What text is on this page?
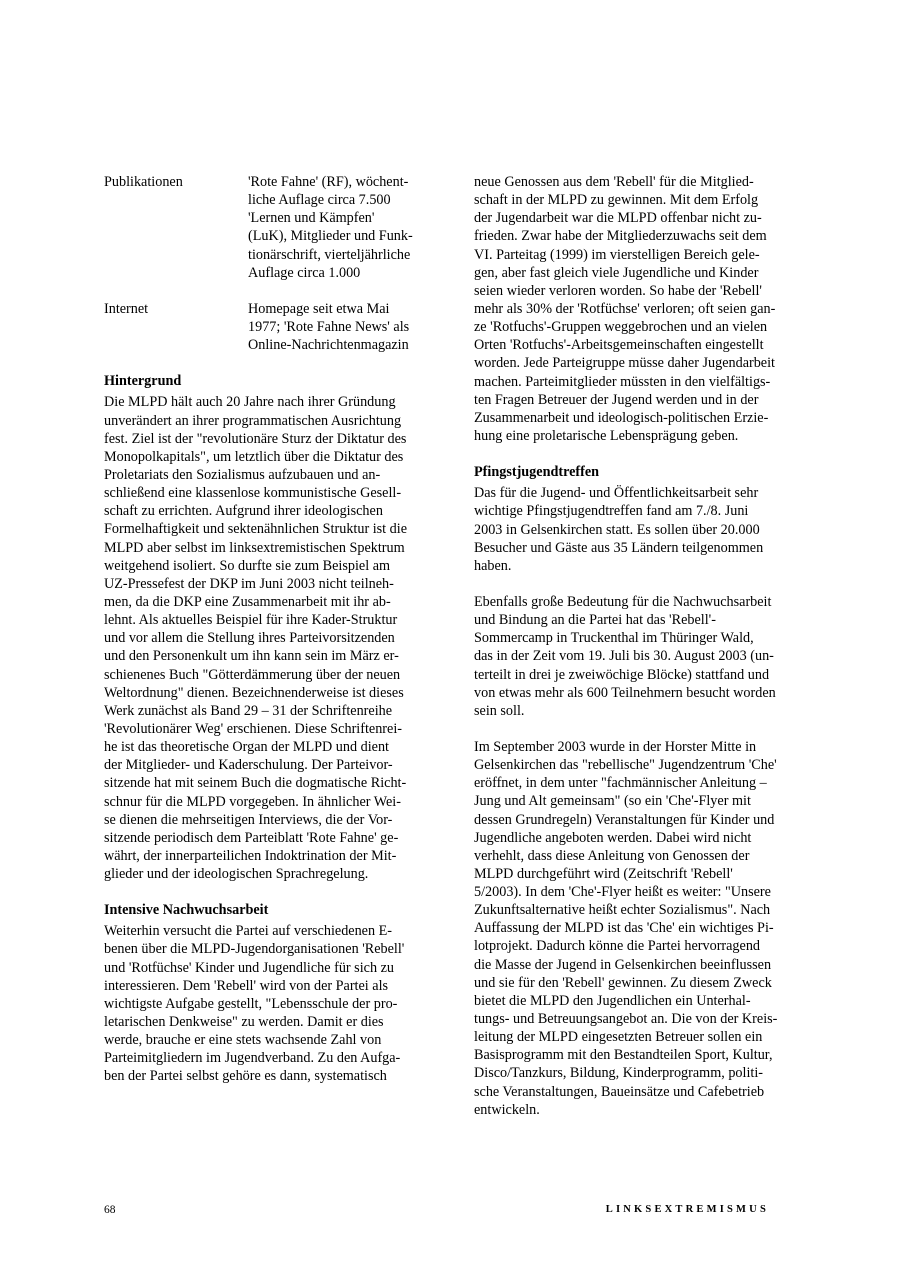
Publikationen	'Rote Fahne' (RF), wöchent-
liche Auflage circa 7.500
'Lernen und Kämpfen'
(LuK), Mitglieder und Funk-
tionärschrift, vierteljährliche
Auflage circa 1.000
Internet	Homepage seit etwa Mai
1977; 'Rote Fahne News' als
Online-Nachrichtenmagazin
Hintergrund
Die MLPD hält auch 20 Jahre nach ihrer Gründung
unverändert an ihrer programmatischen Ausrichtung
fest. Ziel ist der "revolutionäre Sturz der Diktatur des
Monopolkapitals", um letztlich über die Diktatur des
Proletariats den Sozialismus aufzubauen und an-
schließend eine klassenlose kommunistische Gesell-
schaft zu errichten. Aufgrund ihrer ideologischen
Formelhaftigkeit und sektenähnlichen Struktur ist die
MLPD aber selbst im linksextremistischen Spektrum
weitgehend isoliert. So durfte sie zum Beispiel am
UZ-Pressefest der DKP im Juni 2003 nicht teilneh-
men, da die DKP eine Zusammenarbeit mit ihr ab-
lehnt. Als aktuelles Beispiel für ihre Kader-Struktur
und vor allem die Stellung ihres Parteivorsitzenden
und den Personenkult um ihn kann sein im März er-
schienenes Buch "Götterdämmerung über der neuen
Weltordnung" dienen. Bezeichnenderweise ist dieses
Werk zunächst als Band 29 – 31 der Schriftenreihe
'Revolutionärer Weg' erschienen. Diese Schriftenrei-
he ist das theoretische Organ der MLPD und dient
der Mitglieder- und Kaderschulung. Der Parteivor-
sitzende hat mit seinem Buch die dogmatische Richt-
schnur für die MLPD vorgegeben. In ähnlicher Wei-
se dienen die mehrseitigen Interviews, die der Vor-
sitzende periodisch dem Parteiblatt 'Rote Fahne' ge-
währt, der innerparteilichen Indoktrination der Mit-
glieder und der ideologischen Sprachregelung.
Intensive Nachwuchsarbeit
Weiterhin versucht die Partei auf verschiedenen E-
benen über die MLPD-Jugendorganisationen 'Rebell'
und 'Rotfüchse' Kinder und Jugendliche für sich zu
interessieren. Dem 'Rebell' wird von der Partei als
wichtigste Aufgabe gestellt, "Lebensschule der pro-
letarischen Denkweise" zu werden. Damit er dies
werde, brauche er eine stets wachsende Zahl von
Parteimitgliedern im Jugendverband. Zu den Aufga-
ben der Partei selbst gehöre es dann, systematisch
neue Genossen aus dem 'Rebell' für die Mitglied-
schaft in der MLPD zu gewinnen. Mit dem Erfolg
der Jugendarbeit war die MLPD offenbar nicht zu-
frieden. Zwar habe der Mitgliederzuwachs seit dem
VI. Parteitag (1999) im vierstelligen Bereich gele-
gen, aber fast gleich viele Jugendliche und Kinder
seien wieder verloren worden. So habe der 'Rebell'
mehr als 30% der 'Rotfüchse' verloren; oft seien gan-
ze 'Rotfuchs'-Gruppen weggebrochen und an vielen
Orten 'Rotfuchs'-Arbeitsgemeinschaften eingestellt
worden. Jede Parteigruppe müsse daher Jugendarbeit
machen. Parteimitglieder müssten in den vielfältigs-
ten Fragen Betreuer der Jugend werden und in der
Zusammenarbeit und ideologisch-politischen Erzie-
hung eine proletarische Lebensprägung geben.
Pfingstjugendtreffen
Das für die Jugend- und Öffentlichkeitsarbeit sehr
wichtige Pfingstjugendtreffen fand am 7./8. Juni
2003 in Gelsenkirchen statt. Es sollen über 20.000
Besucher und Gäste aus 35 Ländern teilgenommen
haben.
Ebenfalls große Bedeutung für die Nachwuchsarbeit
und Bindung an die Partei hat das 'Rebell'-
Sommercamp in Truckenthal im Thüringer Wald,
das in der Zeit vom 19. Juli bis 30. August 2003 (un-
terteilt in drei je zweiwöchige Blöcke) stattfand und
von etwas mehr als 600 Teilnehmern besucht worden
sein soll.
Im September 2003 wurde in der Horster Mitte in
Gelsenkirchen das "rebellische" Jugendzentrum 'Che'
eröffnet, in dem unter "fachmännischer Anleitung –
Jung und Alt gemeinsam" (so ein 'Che'-Flyer mit
dessen Grundregeln) Veranstaltungen für Kinder und
Jugendliche angeboten werden. Dabei wird nicht
verhehlt, dass diese Anleitung von Genossen der
MLPD durchgeführt wird (Zeitschrift 'Rebell'
5/2003). In dem 'Che'-Flyer heißt es weiter: "Unsere
Zukunftsalternative heißt echter Sozialismus". Nach
Auffassung der MLPD ist das 'Che' ein wichtiges Pi-
lotprojekt. Dadurch könne die Partei hervorragend
die Masse der Jugend in Gelsenkirchen beeinflussen
und sie für den 'Rebell' gewinnen. Zu diesem Zweck
bietet die MLPD den Jugendlichen ein Unterhal-
tungs- und Betreuungsangebot an. Die von der Kreis-
leitung der MLPD eingesetzten Betreuer sollen ein
Basisprogramm mit den Bestandteilen Sport, Kultur,
Disco/Tanzkurs, Bildung, Kinderprogramm, politi-
sche Veranstaltungen, Baueinsätze und Cafebetrieb
entwickeln.
68	LINKSEXTREMISMUS
